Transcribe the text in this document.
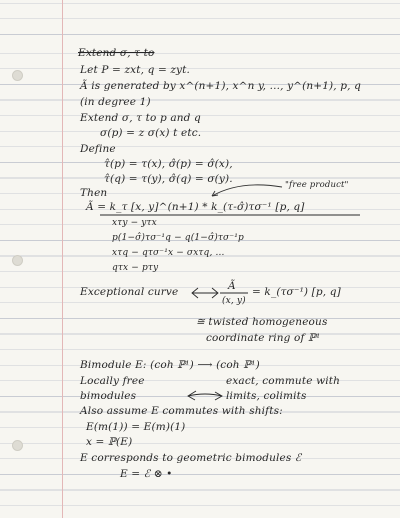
Extend σ, τ to
Let P = zxt, q = zyt.
Ã is generated by x^(n+1), x^n y, ..., y^(n+1), p, q
(in degree 1)
Extend σ, τ to p and q
σ(p) = z σ(x) t etc.
Define
τ̂(p) = τ(x), σ̂(p) = σ̂(x),
τ̂(q) = τ(y), σ̂(q) = σ(y).
Then
"free product"
Ã = k_τ [x, y]^(n+1) * k_(τ-σ̂)τσ⁻¹ [p, q]
xτy − yτx
p(1−σ̂)τσ⁻¹q − q(1−σ̂)τσ⁻¹p
xτq − qτσ⁻¹x − σxτq, ...
qτx − pτy
Exceptional curve	Ã
(x, y)
= k_(τσ⁻¹) [p, q]
≅ twisted homogeneous
coordinate ring of ℙ¹
Bimodule E: (coh ℙ¹) ⟶ (coh ℙ¹)
Locally free	exact, commute with
bimodules	limits, colimits
Also assume E commutes with shifts:
E(m(1)) = E(m)(1)
x = ℙ(E)
E corresponds to geometric bimodules ℰ
E = ℰ ⊗ •
